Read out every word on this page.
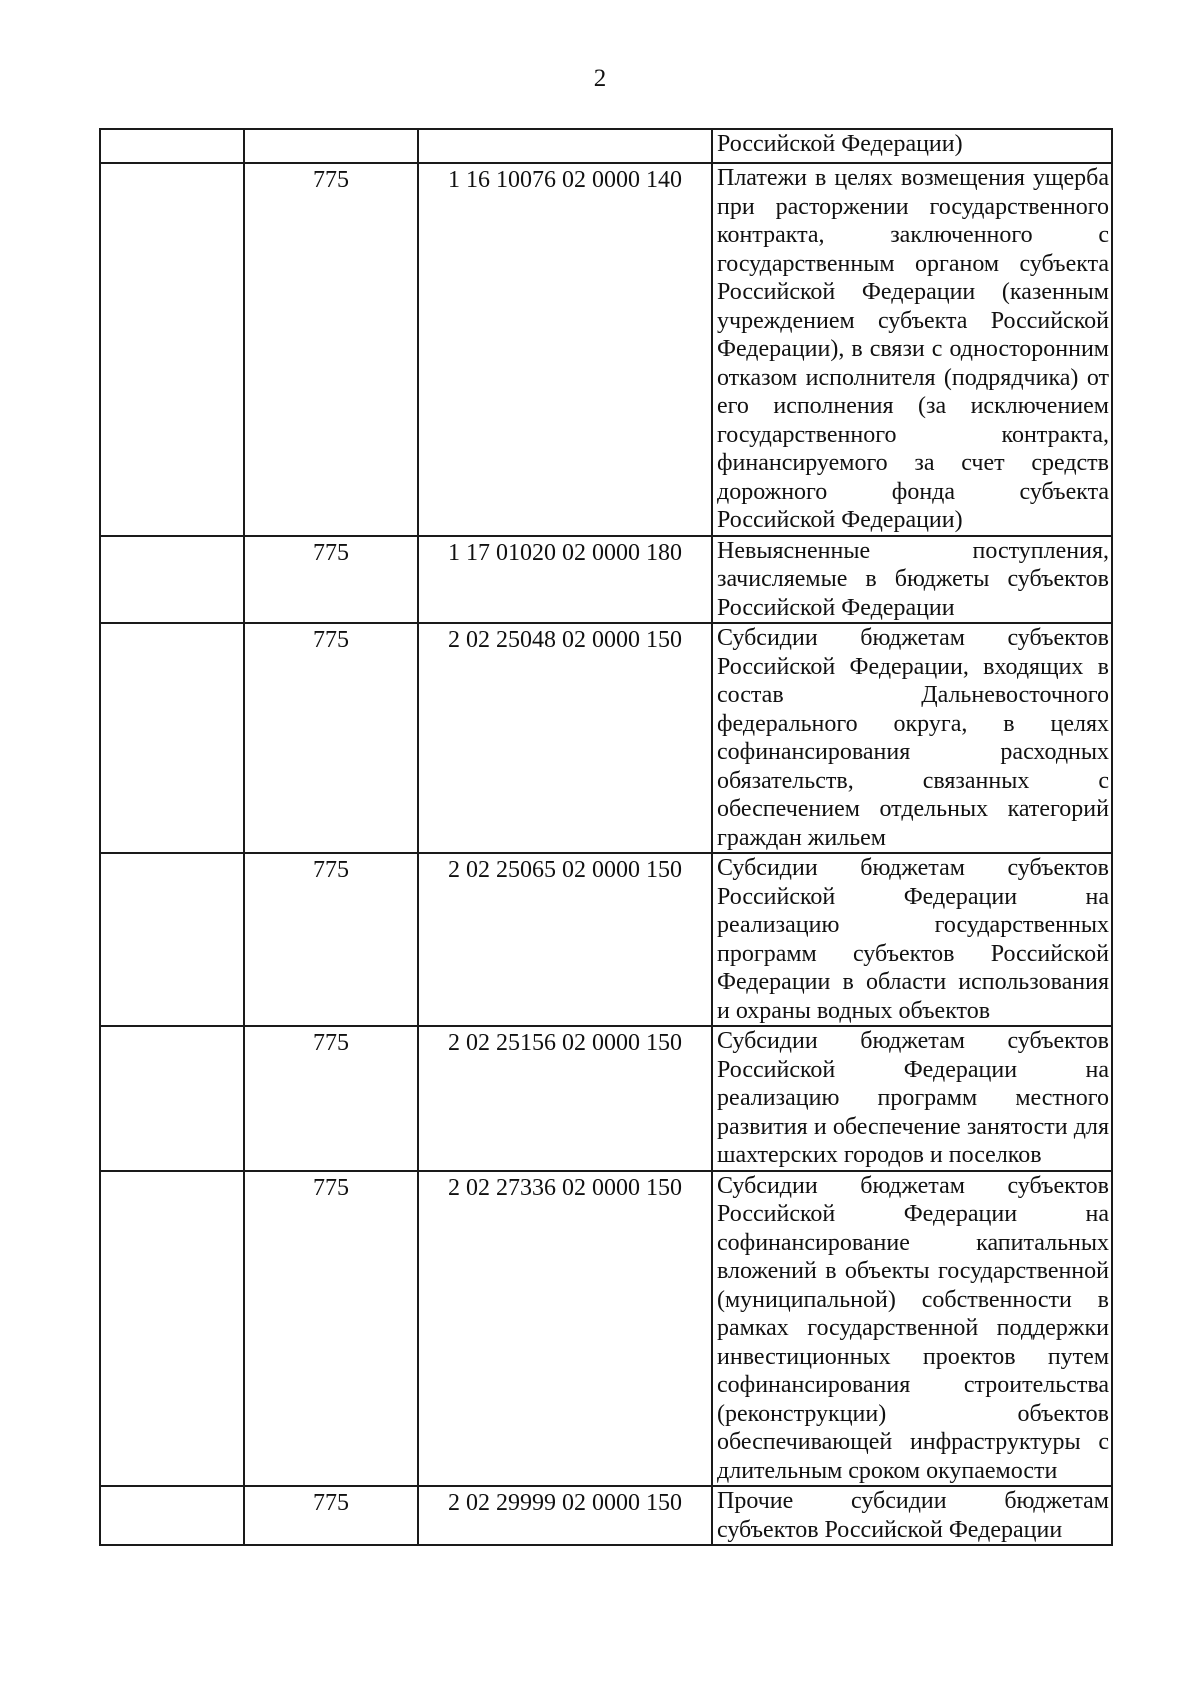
2
			Российской Федерации)
	775	1 16 10076 02 0000 140	Платежи в целях возмещения ущерба при расторжении государственного контракта, заключенного с государственным органом субъекта Российской Федерации (казенным учреждением субъекта Российской Федерации), в связи с односторонним отказом исполнителя (подрядчика) от его исполнения (за исключением государственного контракта, финансируемого за счет средств дорожного фонда субъекта Российской Федерации)
	775	1 17 01020 02 0000 180	Невыясненные поступления, зачисляемые в бюджеты субъектов Российской Федерации
	775	2 02 25048 02 0000 150	Субсидии бюджетам субъектов Российской Федерации, входящих в состав Дальневосточного федерального округа, в целях софинансирования расходных обязательств, связанных с обеспечением отдельных категорий граждан жильем
	775	2 02 25065 02 0000 150	Субсидии бюджетам субъектов Российской Федерации на реализацию государственных программ субъектов Российской Федерации в области использования и охраны водных объектов
	775	2 02 25156 02 0000 150	Субсидии бюджетам субъектов Российской Федерации на реализацию программ местного развития и обеспечение занятости для шахтерских городов и поселков
	775	2 02 27336 02 0000 150	Субсидии бюджетам субъектов Российской Федерации на софинансирование капитальных вложений в объекты государственной (муниципальной) собственности в рамках государственной поддержки инвестиционных проектов путем софинансирования строительства (реконструкции) объектов обеспечивающей инфраструктуры с длительным сроком окупаемости
	775	2 02 29999 02 0000 150	Прочие субсидии бюджетам субъектов Российской Федерации
